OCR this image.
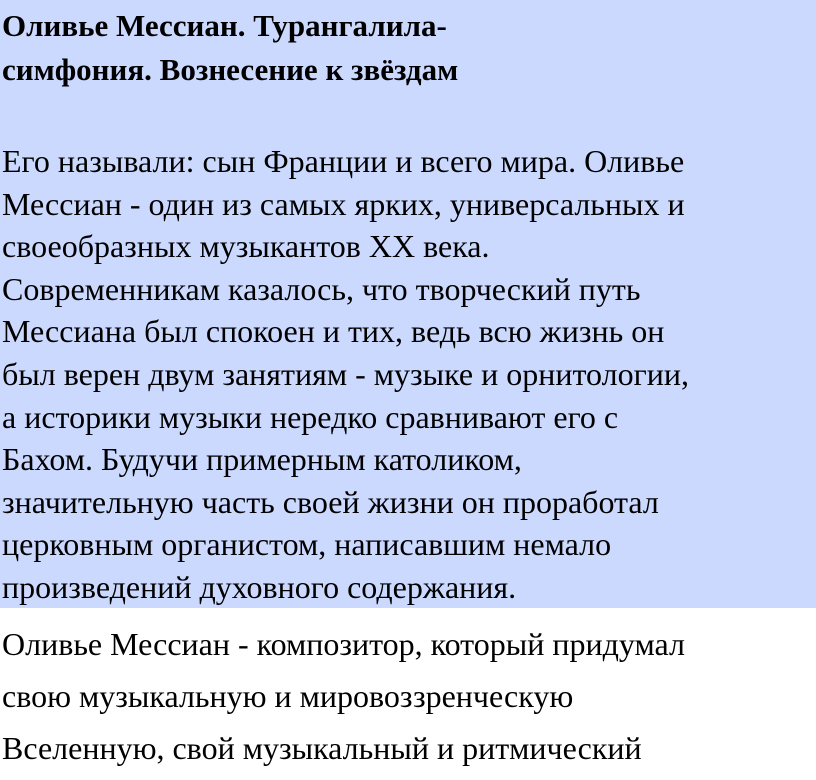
Оливье Мессиан. Турангалила-
симфония. Вознесение к звёздам
Его называли: сын Франции и всего мира. Оливье
Мессиан - один из самых ярких, универсальных и
своеобразных музыкантов XX века.
Современникам казалось, что творческий путь
Мессиана был спокоен и тих, ведь всю жизнь он
был верен двум занятиям - музыке и орнитологии,
а историки музыки нередко сравнивают его с
Бахом. Будучи примерным католиком,
значительную часть своей жизни он проработал
церковным органистом, написавшим немало
произведений духовного содержания.
Оливье Мессиан - композитор, который придумал
свою музыкальную и мировоззренческую
Вселенную, свой музыкальный и ритмический
